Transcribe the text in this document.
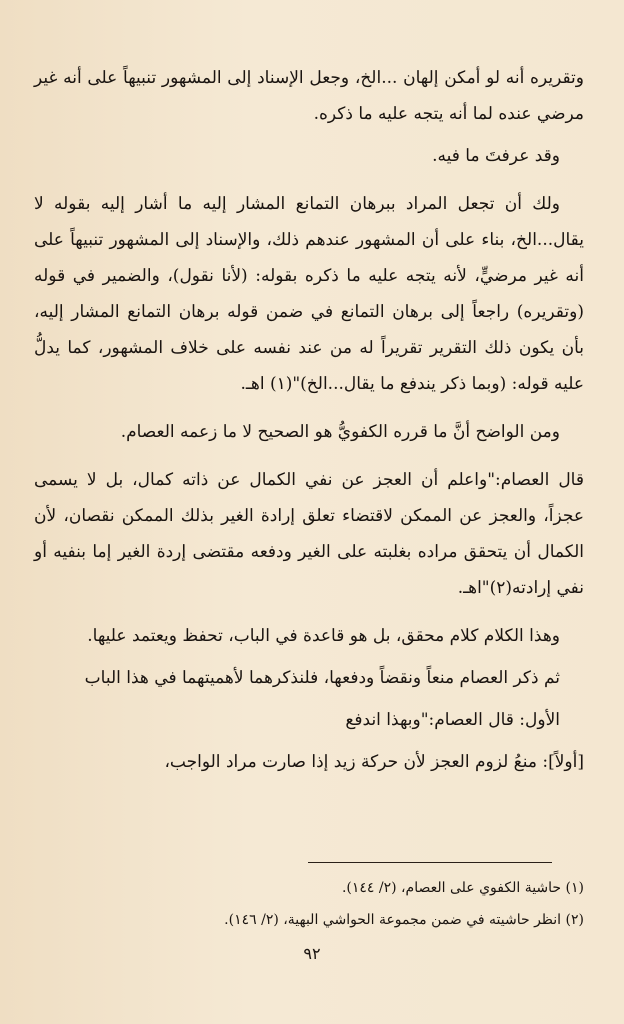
وتقريره أنه لو أمكن إلهان ...الخ، وجعل الإسناد إلى المشهور تنبيهاً على أنه غير مرضي عنده لما أنه يتجه عليه ما ذكره.

وقد عرفتَ ما فيه.

ولك أن تجعل المراد ببرهان التمانع المشار إليه ما أشار إليه بقوله لا يقال...الخ، بناء على أن المشهور عندهم ذلك، والإسناد إلى المشهور تنبيهاً على أنه غير مرضيٍّ، لأنه يتجه عليه ما ذكره بقوله: (لأنا نقول)، والضمير في قوله (وتقريره) راجعاً إلى برهان التمانع في ضمن قوله برهان التمانع المشار إليه، بأن يكون ذلك التقرير تقريراً له من عند نفسه على خلاف المشهور، كما يدلُّ عليه قوله: (وبما ذكر يندفع ما يقال...الخ)"(١) اهـ.

ومن الواضح أنَّ ما قرره الكفويُّ هو الصحيح لا ما زعمه العصام.

قال العصام:"واعلم أن العجز عن نفي الكمال عن ذاته كمال، بل لا يسمى عجزاً، والعجز عن الممكن لاقتضاء تعلق إرادة الغير بذلك الممكن نقصان، لأن الكمال أن يتحقق مراده بغلبته على الغير ودفعه مقتضى إردة الغير إما بنفيه أو نفي إرادته(٢)"اهـ.

وهذا الكلام كلام محقق، بل هو قاعدة في الباب، تحفظ ويعتمد عليها.

ثم ذكر العصام منعاً ونقضاً ودفعها، فلنذكرهما لأهميتهما في هذا الباب

الأول: قال العصام:"وبهذا اندفع

[أولاً]: منعُ لزوم العجز لأن حركة زيد إذا صارت مراد الواجب،

(١) حاشية الكفوي على العصام، (٢/ ١٤٤).
(٢) انظر حاشيته في ضمن مجموعة الحواشي البهية، (٢/ ١٤٦).
٩٢
